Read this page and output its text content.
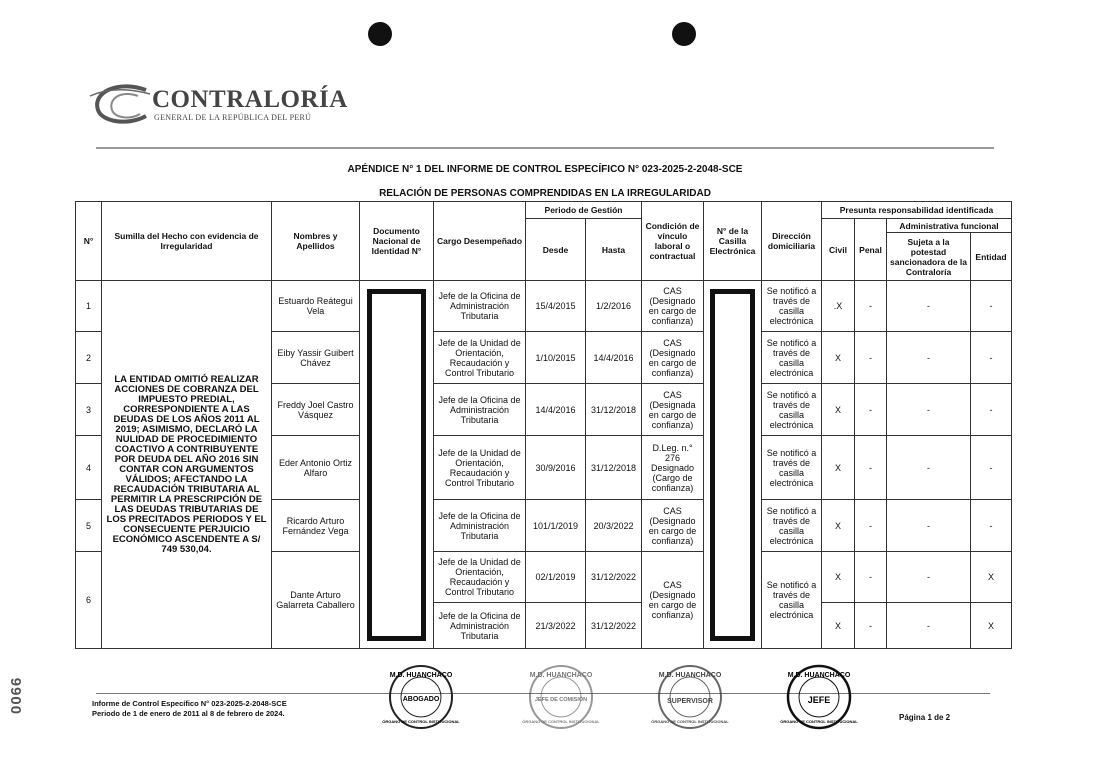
CONTRALORÍA
GENERAL DE LA REPÚBLICA DEL PERÚ
APÉNDICE N° 1 DEL INFORME DE CONTROL ESPECÍFICO N° 023-2025-2-2048-SCE
RELACIÓN DE PERSONAS COMPRENDIDAS EN LA IRREGULARIDAD
N°	Sumilla del Hecho con evidencia de Irregularidad	Nombres y Apellidos	Documento Nacional de Identidad N°	Cargo Desempeñado	Periodo de Gestión		Condición de vínculo laboral o contractual	N° de la Casilla Electrónica	Dirección domiciliaria	Presunta responsabilidad identificada			
					Desde	Hasta				Civil	Penal	Administrativa funcional	
												Sujeta a la potestad sancionadora de la Contraloría	Entidad
1	LA ENTIDAD OMITIÓ REALIZAR ACCIONES DE COBRANZA DEL IMPUESTO PREDIAL, CORRESPONDIENTE A LAS DEUDAS DE LOS AÑOS 2011 AL 2019; ASIMISMO, DECLARÓ LA NULIDAD DE PROCEDIMIENTO COACTIVO A CONTRIBUYENTE POR DEUDA DEL AÑO 2016 SIN CONTAR CON ARGUMENTOS VÁLIDOS; AFECTANDO LA RECAUDACIÓN TRIBUTARIA AL PERMITIR LA PRESCRIPCIÓN DE LAS DEUDAS TRIBUTARIAS DE LOS PRECITADOS PERIODOS Y EL CONSECUENTE PERJUICIO ECONÓMICO ASCENDENTE A S/ 749 530,04.	Estuardo Reátegui Vela		Jefe de la Oficina de Administración Tributaria	15/4/2015	1/2/2016	CAS (Designado en cargo de confianza)		Se notificó a través de casilla electrónica	.X	-	-	-
2		Eiby Yassir Guibert Chávez		Jefe de la Unidad de Orientación, Recaudación y Control Tributario	1/10/2015	14/4/2016	CAS (Designado en cargo de confianza)		Se notificó a través de casilla electrónica	X	-	-	-
3		Freddy Joel Castro Vásquez		Jefe de la Oficina de Administración Tributaria	14/4/2016	31/12/2018	CAS (Designada en cargo de confianza)		Se notificó a través de casilla electrónica	X	-	-	-
4		Eder Antonio Ortiz Alfaro		Jefe de la Unidad de Orientación, Recaudación y Control Tributario	30/9/2016	31/12/2018	D.Leg. n.° 276 Designado (Cargo de confianza)		Se notificó a través de casilla electrónica	X	-	-	-
5		Ricardo Arturo Fernández Vega		Jefe de la Oficina de Administración Tributaria	101/1/2019	20/3/2022	CAS (Designado en cargo de confianza)		Se notificó a través de casilla electrónica	X	-	-	-
6		Dante Arturo Galarreta Caballero		Jefe de la Unidad de Orientación, Recaudación y Control Tributario	02/1/2019	31/12/2022	CAS (Designado en cargo de confianza)		Se notificó a través de casilla electrónica	X	-	-	X
				Jefe de la Oficina de Administración Tributaria	21/3/2022	31/12/2022				X	-	-	X
Informe de Control Específico N° 023-2025-2-2048-SCE
Periodo de 1 de enero de 2011 al 8 de febrero de 2024.	Página 1 de 2
0066
M.D. HUANCHACO
ABOGADO
ÓRGANO DE CONTROL INSTITUCIONAL
M.D. HUANCHACO
JEFE DE COMISIÓN
ÓRGANO DE CONTROL INSTITUCIONAL
M.D. HUANCHACO
SUPERVISOR
ÓRGANO DE CONTROL INSTITUCIONAL
M.D. HUANCHACO
JEFE
ÓRGANO DE CONTROL INSTITUCIONAL
